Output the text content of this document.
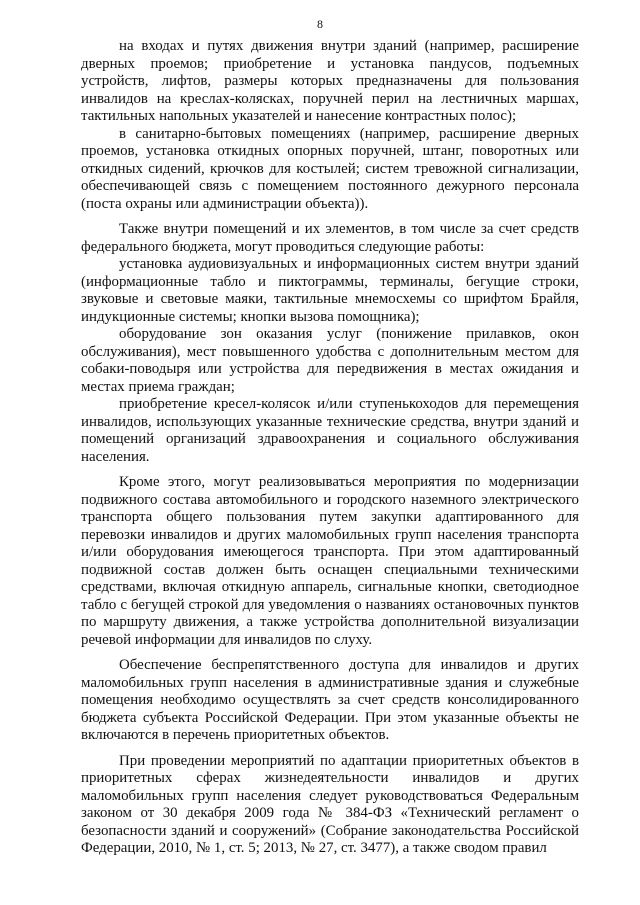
8

на входах и путях движения внутри зданий (например, расширение дверных проемов; приобретение и установка пандусов, подъемных устройств, лифтов, размеры которых предназначены для пользования инвалидов на креслах-колясках, поручней перил на лестничных маршах, тактильных напольных указателей и нанесение контрастных полос);

в санитарно-бытовых помещениях (например, расширение дверных проемов, установка откидных опорных поручней, штанг, поворотных или откидных сидений, крючков для костылей; систем тревожной сигнализации, обеспечивающей связь с помещением постоянного дежурного персонала (поста охраны или администрации объекта)).

Также внутри помещений и их элементов, в том числе за счет средств федерального бюджета, могут проводиться следующие работы:

установка аудиовизуальных и информационных систем внутри зданий (информационные табло и пиктограммы, терминалы, бегущие строки, звуковые и световые маяки, тактильные мнемосхемы со шрифтом Брайля, индукционные системы; кнопки вызова помощника);

оборудование зон оказания услуг (понижение прилавков, окон обслуживания), мест повышенного удобства с дополнительным местом для собаки-поводыря или устройства для передвижения в местах ожидания и местах приема граждан;

приобретение кресел-колясок и/или ступенькоходов для перемещения инвалидов, использующих указанные технические средства, внутри зданий и помещений организаций здравоохранения и социального обслуживания населения.

Кроме этого, могут реализовываться мероприятия по модернизации подвижного состава автомобильного и городского наземного электрического транспорта общего пользования путем закупки адаптированного для перевозки инвалидов и других маломобильных групп населения транспорта и/или оборудования имеющегося транспорта. При этом адаптированный подвижной состав должен быть оснащен специальными техническими средствами, включая откидную аппарель, сигнальные кнопки, светодиодное табло с бегущей строкой для уведомления о названиях остановочных пунктов по маршруту движения, а также устройства дополнительной визуализации речевой информации для инвалидов по слуху.

Обеспечение беспрепятственного доступа для инвалидов и других маломобильных групп населения в административные здания и служебные помещения необходимо осуществлять за счет средств консолидированного бюджета субъекта Российской Федерации. При этом указанные объекты не включаются в перечень приоритетных объектов.

При проведении мероприятий по адаптации приоритетных объектов в приоритетных сферах жизнедеятельности инвалидов и других маломобильных групп населения следует руководствоваться Федеральным законом от 30 декабря 2009 года № 384-ФЗ «Технический регламент о безопасности зданий и сооружений» (Собрание законодательства Российской Федерации, 2010, № 1, ст. 5; 2013, № 27, ст. 3477), а также сводом правил
